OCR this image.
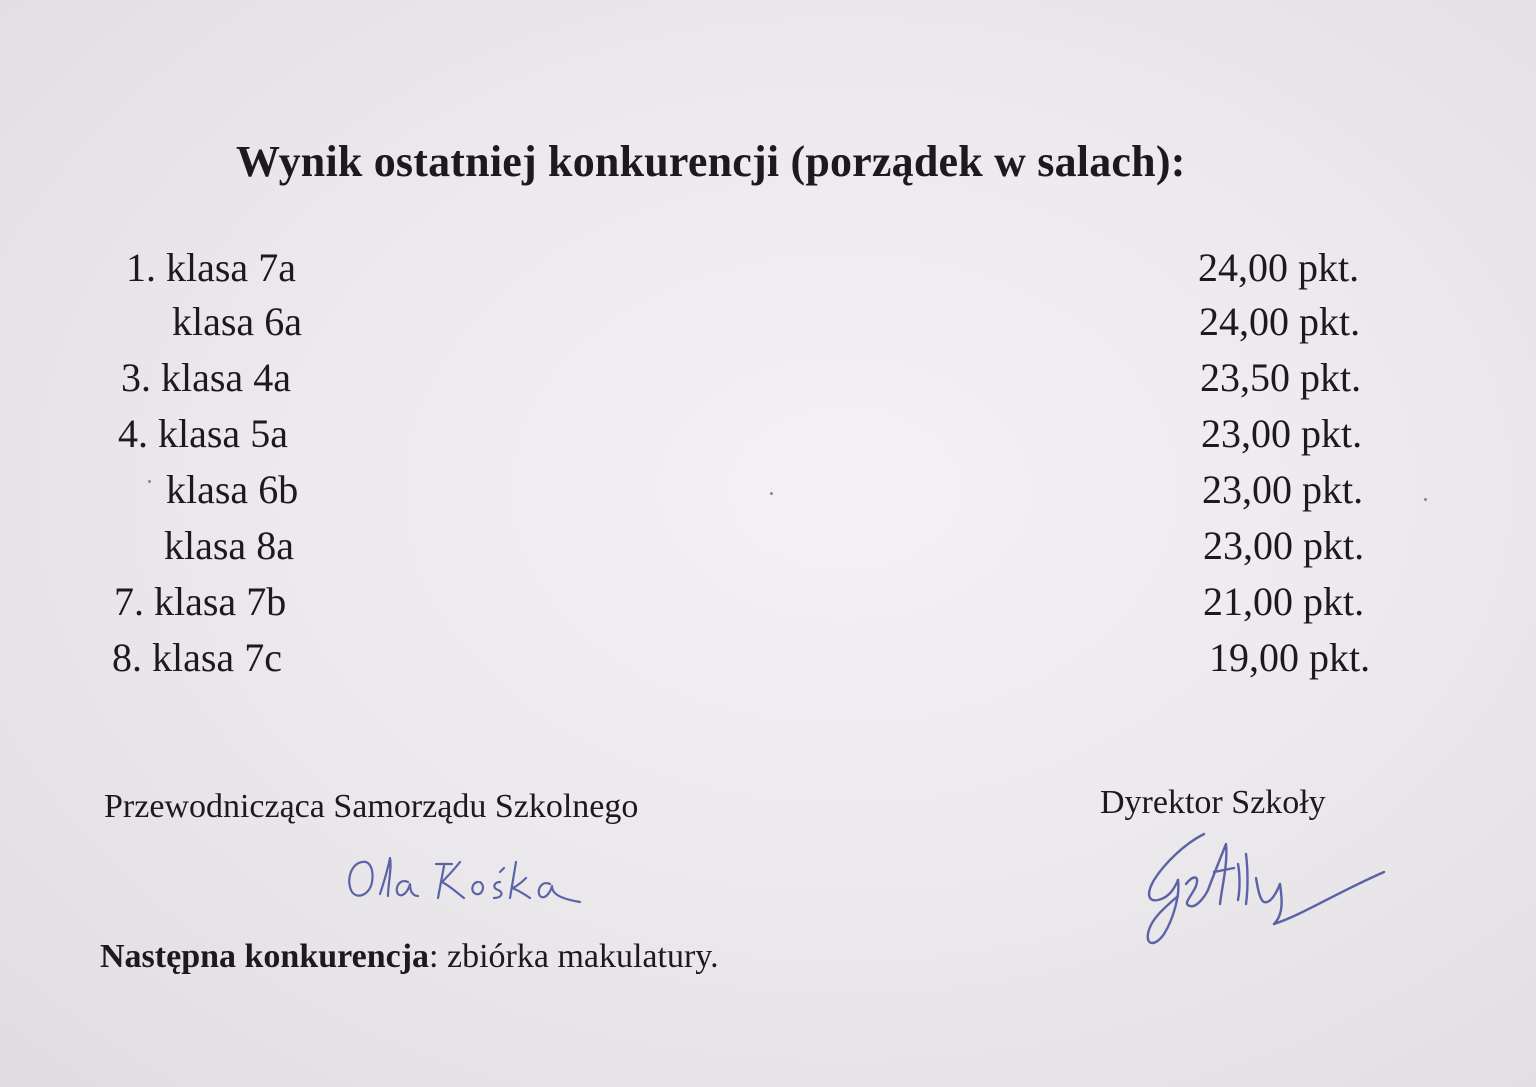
Wynik ostatniej konkurencji (porządek w salach):
1. klasa 7a	24,00 pkt.
klasa 6a	24,00 pkt.
3. klasa 4a	23,50 pkt.
4. klasa 5a	23,00 pkt.
klasa 6b	23,00 pkt.
klasa 8a	23,00 pkt.
7. klasa 7b	21,00 pkt.
8. klasa 7c	19,00 pkt.
Przewodnicząca Samorządu Szkolnego	Dyrektor Szkoły
Następna konkurencja: zbiórka makulatury.
